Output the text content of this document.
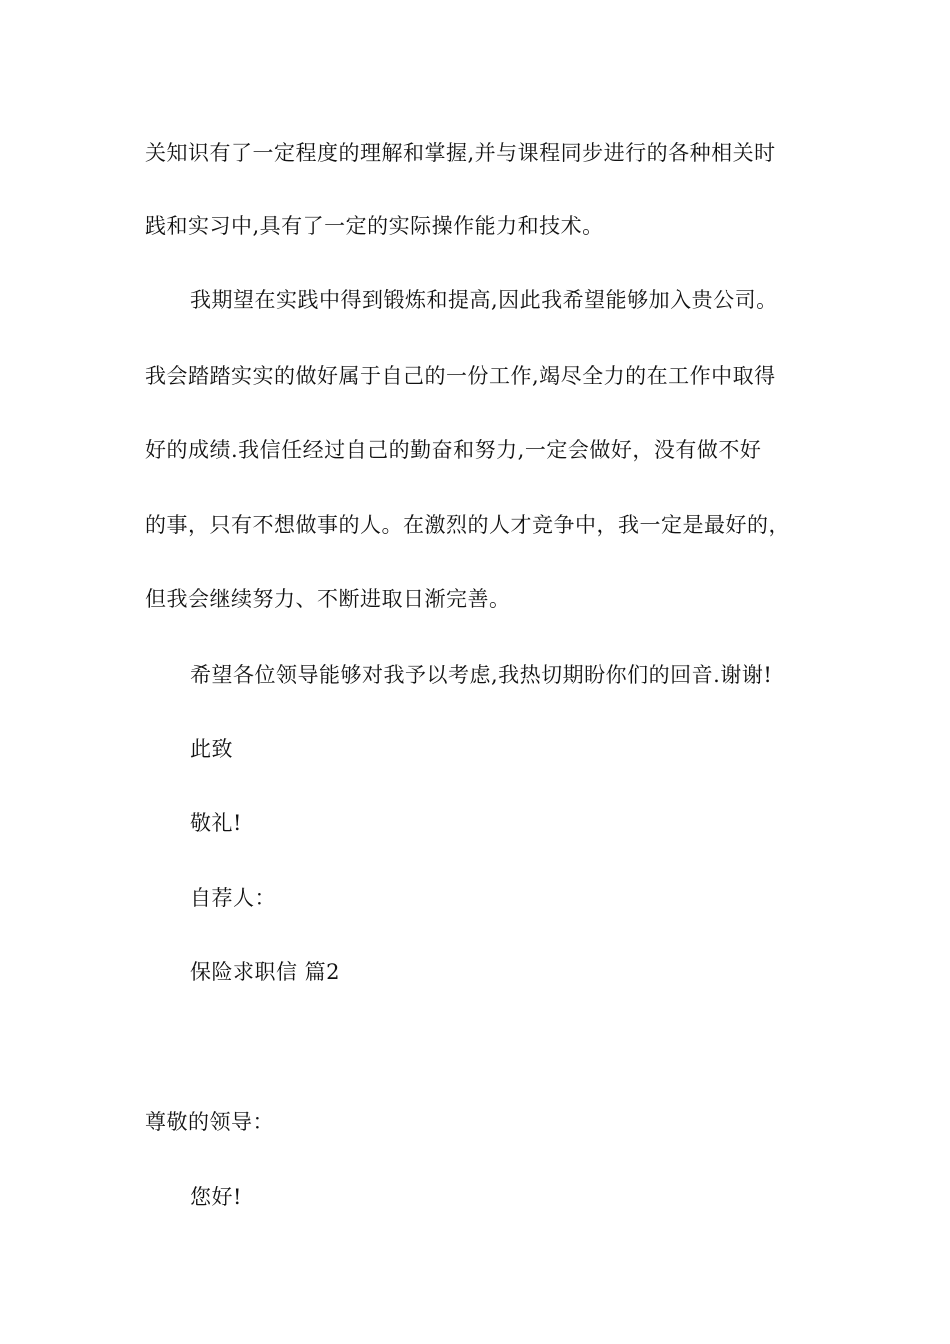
关知识有了一定程度的理解和掌握,并与课程同步进行的各种相关时
践和实习中,具有了一定的实际操作能力和技术。
我期望在实践中得到锻炼和提高,因此我希望能够加入贵公司。
我会踏踏实实的做好属于自己的一份工作,竭尽全力的在工作中取得
好的成绩.我信任经过自己的勤奋和努力,一定会做好，没有做不好
的事，只有不想做事的人。在激烈的人才竞争中，我一定是最好的，
但我会继续努力、不断进取日渐完善。
希望各位领导能够对我予以考虑,我热切期盼你们的回音.谢谢!
此致
敬礼!
自荐人：
保险求职信 篇2
尊敬的领导：
您好!
